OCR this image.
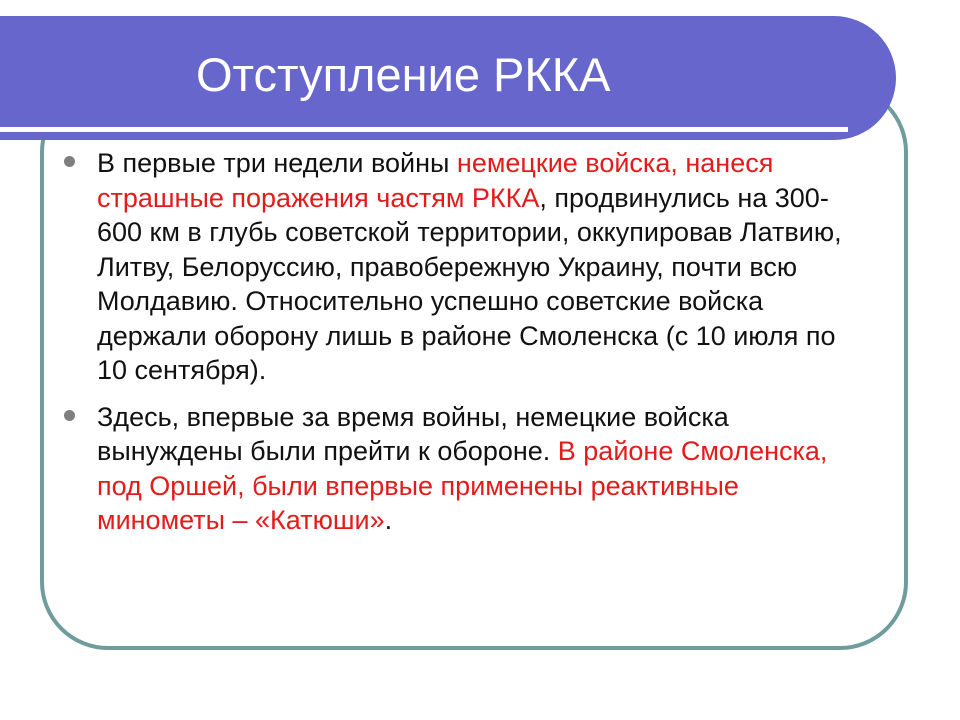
Отступление РККА
В первые три недели войны немецкие войска, нанеся страшные поражения частям РККА, продвинулись на 300-600 км в глубь советской территории, оккупировав Латвию, Литву, Белоруссию, правобережную Украину, почти всю Молдавию. Относительно успешно советские войска держали оборону лишь в районе Смоленска (с 10 июля по 10 сентября).
Здесь, впервые за время войны, немецкие войска вынуждены были прейти к обороне. В районе Смоленска, под Оршей, были впервые применены реактивные минометы – «Катюши».
